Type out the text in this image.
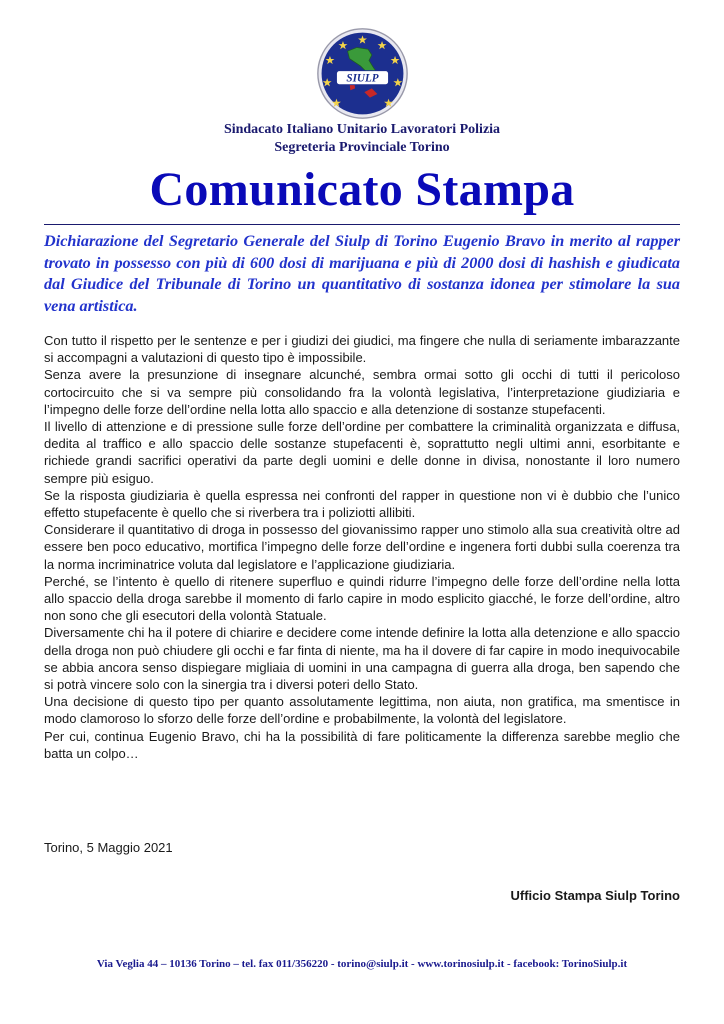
SIULP
Sindacato Italiano Unitario Lavoratori Polizia
Segreteria Provinciale Torino
Comunicato Stampa
Dichiarazione del Segretario Generale del Siulp di Torino Eugenio Bravo in merito al rapper trovato in possesso con più di 600 dosi di marijuana e più di 2000 dosi di hashish e giudicata dal Giudice del Tribunale di Torino un quantitativo di sostanza idonea per stimolare la sua vena artistica.

Con tutto il rispetto per le sentenze e per i giudizi dei giudici, ma fingere che nulla di seriamente imbarazzante si accompagni a valutazioni di questo tipo è impossibile.

Senza avere la presunzione di insegnare alcunché, sembra ormai sotto gli occhi di tutti il pericoloso cortocircuito che si va sempre più consolidando fra la volontà legislativa, l’interpretazione giudiziaria e l’impegno delle forze dell’ordine nella lotta allo spaccio e alla detenzione di sostanze stupefacenti.

Il livello di attenzione e di pressione sulle forze dell’ordine per combattere la criminalità organizzata e diffusa, dedita al traffico e allo spaccio delle sostanze stupefacenti è, soprattutto negli ultimi anni, esorbitante e richiede grandi sacrifici operativi da parte degli uomini e delle donne in divisa, nonostante il loro numero sempre più esiguo.

Se la risposta giudiziaria è quella espressa nei confronti del rapper in questione non vi è dubbio che l’unico effetto stupefacente è quello che si riverbera tra i poliziotti allibiti.

Considerare il quantitativo di droga in possesso del giovanissimo rapper uno stimolo alla sua creatività oltre ad essere ben poco educativo, mortifica l’impegno delle forze dell’ordine e ingenera forti dubbi sulla coerenza tra la norma incriminatrice voluta dal legislatore e l’applicazione giudiziaria.

Perché, se l’intento è quello di ritenere superfluo e quindi ridurre l’impegno delle forze dell’ordine nella lotta allo spaccio della droga sarebbe il momento di farlo capire in modo esplicito giacché, le forze dell’ordine, altro non sono che gli esecutori della volontà Statuale.

Diversamente chi ha il potere di chiarire e decidere come intende definire la lotta alla detenzione e allo spaccio della droga non può chiudere gli occhi e far finta di niente, ma ha il dovere di far capire in modo inequivocabile se abbia ancora senso dispiegare migliaia di uomini in una campagna di guerra alla droga, ben sapendo che si potrà vincere solo con la sinergia tra i diversi poteri dello Stato.

Una decisione di questo tipo per quanto assolutamente legittima, non aiuta, non gratifica, ma smentisce in modo clamoroso lo sforzo delle forze dell’ordine e probabilmente, la volontà del legislatore.

Per cui, continua Eugenio Bravo, chi ha la possibilità di fare politicamente la differenza sarebbe meglio che batta un colpo…

Torino, 5 Maggio 2021
Ufficio Stampa Siulp Torino
Via Veglia 44 – 10136 Torino – tel. fax 011/356220 - torino@siulp.it - www.torinosiulp.it - facebook: TorinoSiulp.it
